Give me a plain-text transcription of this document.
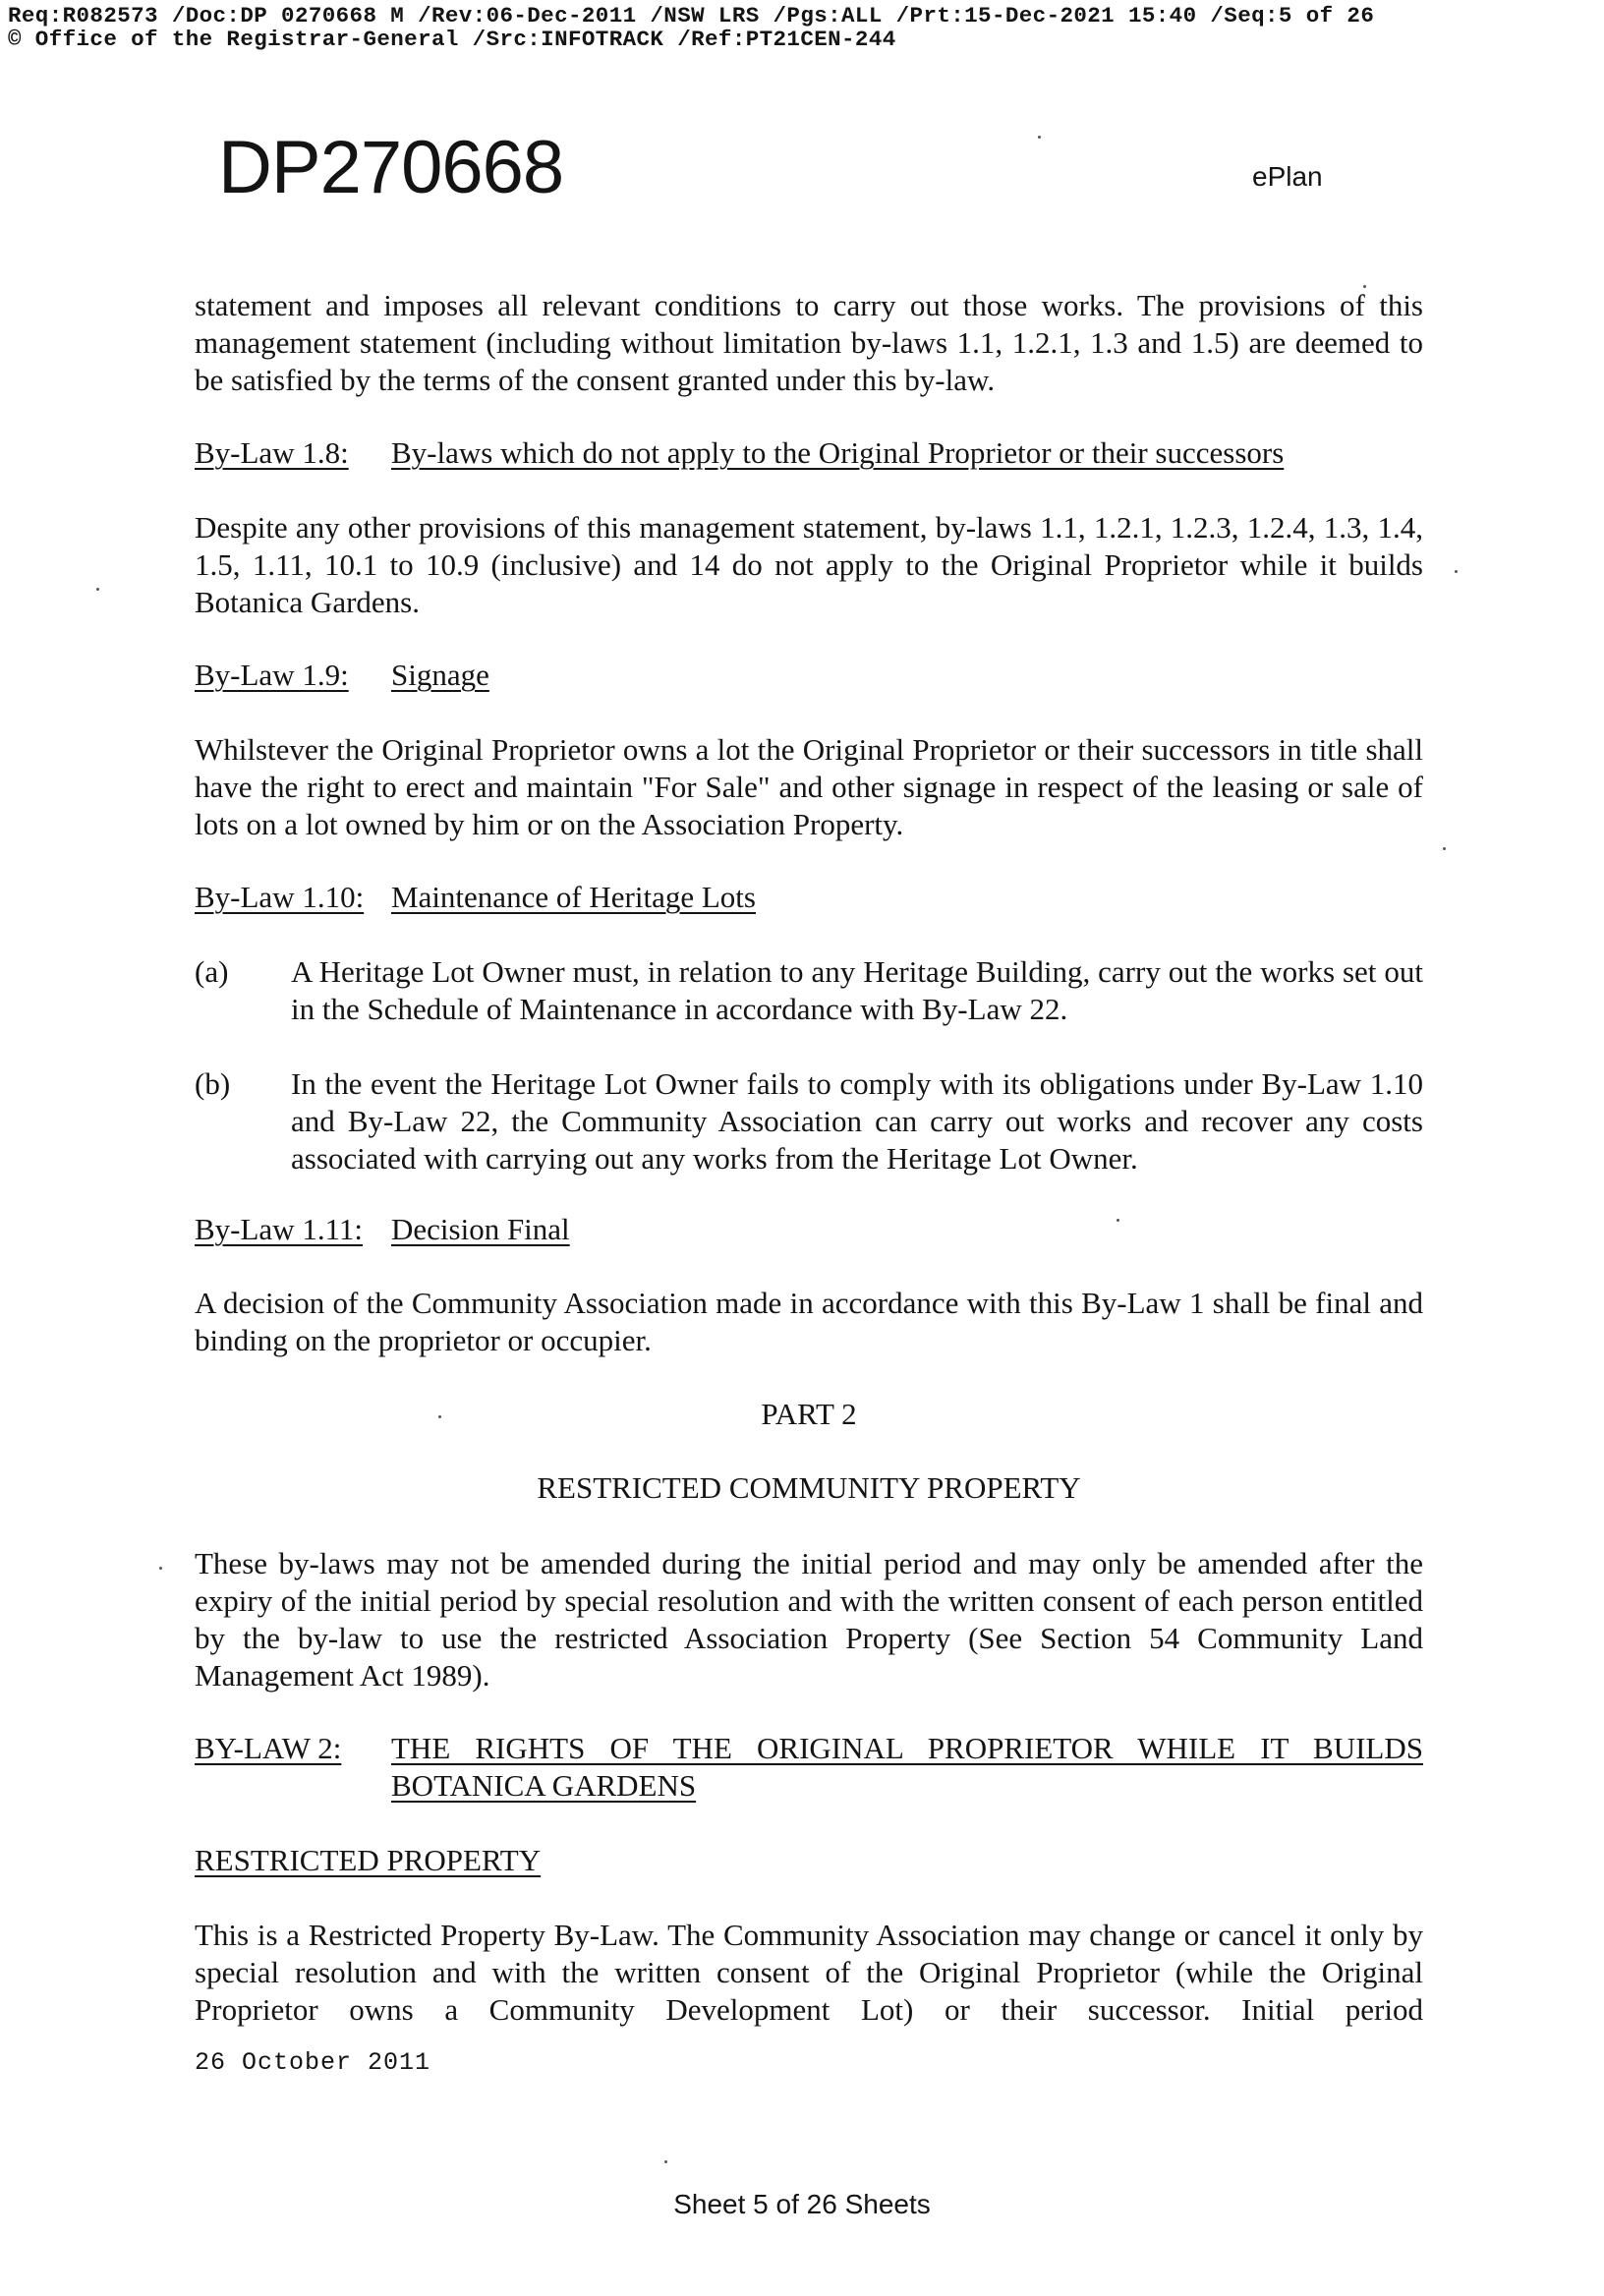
Req:R082573 /Doc:DP 0270668 M /Rev:06-Dec-2011 /NSW LRS /Pgs:ALL /Prt:15-Dec-2021 15:40 /Seq:5 of 26
© Office of the Registrar-General /Src:INFOTRACK /Ref:PT21CEN-244
DP270668	ePlan

statement and imposes all relevant conditions to carry out those works. The provisions of this management statement (including without limitation by-laws 1.1, 1.2.1, 1.3 and 1.5) are deemed to be satisfied by the terms of the consent granted under this by-law.

By-Law 1.8:	By-laws which do not apply to the Original Proprietor or their successors

Despite any other provisions of this management statement, by-laws 1.1, 1.2.1, 1.2.3, 1.2.4, 1.3, 1.4, 1.5, 1.11, 10.1 to 10.9 (inclusive) and 14 do not apply to the Original Proprietor while it builds Botanica Gardens.

By-Law 1.9:	Signage

Whilstever the Original Proprietor owns a lot the Original Proprietor or their successors in title shall have the right to erect and maintain "For Sale" and other signage in respect of the leasing or sale of lots on a lot owned by him or on the Association Property.

By-Law 1.10: Maintenance of Heritage Lots
(a)	A Heritage Lot Owner must, in relation to any Heritage Building, carry out the works set out in the Schedule of Maintenance in accordance with By-Law 22.
(b)	In the event the Heritage Lot Owner fails to comply with its obligations under By-Law 1.10 and By-Law 22, the Community Association can carry out works and recover any costs associated with carrying out any works from the Heritage Lot Owner.
By-Law 1.11: Decision Final

A decision of the Community Association made in accordance with this By-Law 1 shall be final and binding on the proprietor or occupier.

PART 2
RESTRICTED COMMUNITY PROPERTY

These by-laws may not be amended during the initial period and may only be amended after the expiry of the initial period by special resolution and with the written consent of each person entitled by the by-law to use the restricted Association Property (See Section 54 Community Land Management Act 1989).

BY-LAW 2:	THE RIGHTS OF THE ORIGINAL PROPRIETOR WHILE IT BUILDS BOTANICA GARDENS
RESTRICTED PROPERTY

This is a Restricted Property By-Law. The Community Association may change or cancel it only by special resolution and with the written consent of the Original Proprietor (while the Original Proprietor owns a Community Development Lot) or their successor. Initial period

26 October 2011
Sheet 5 of 26 Sheets
